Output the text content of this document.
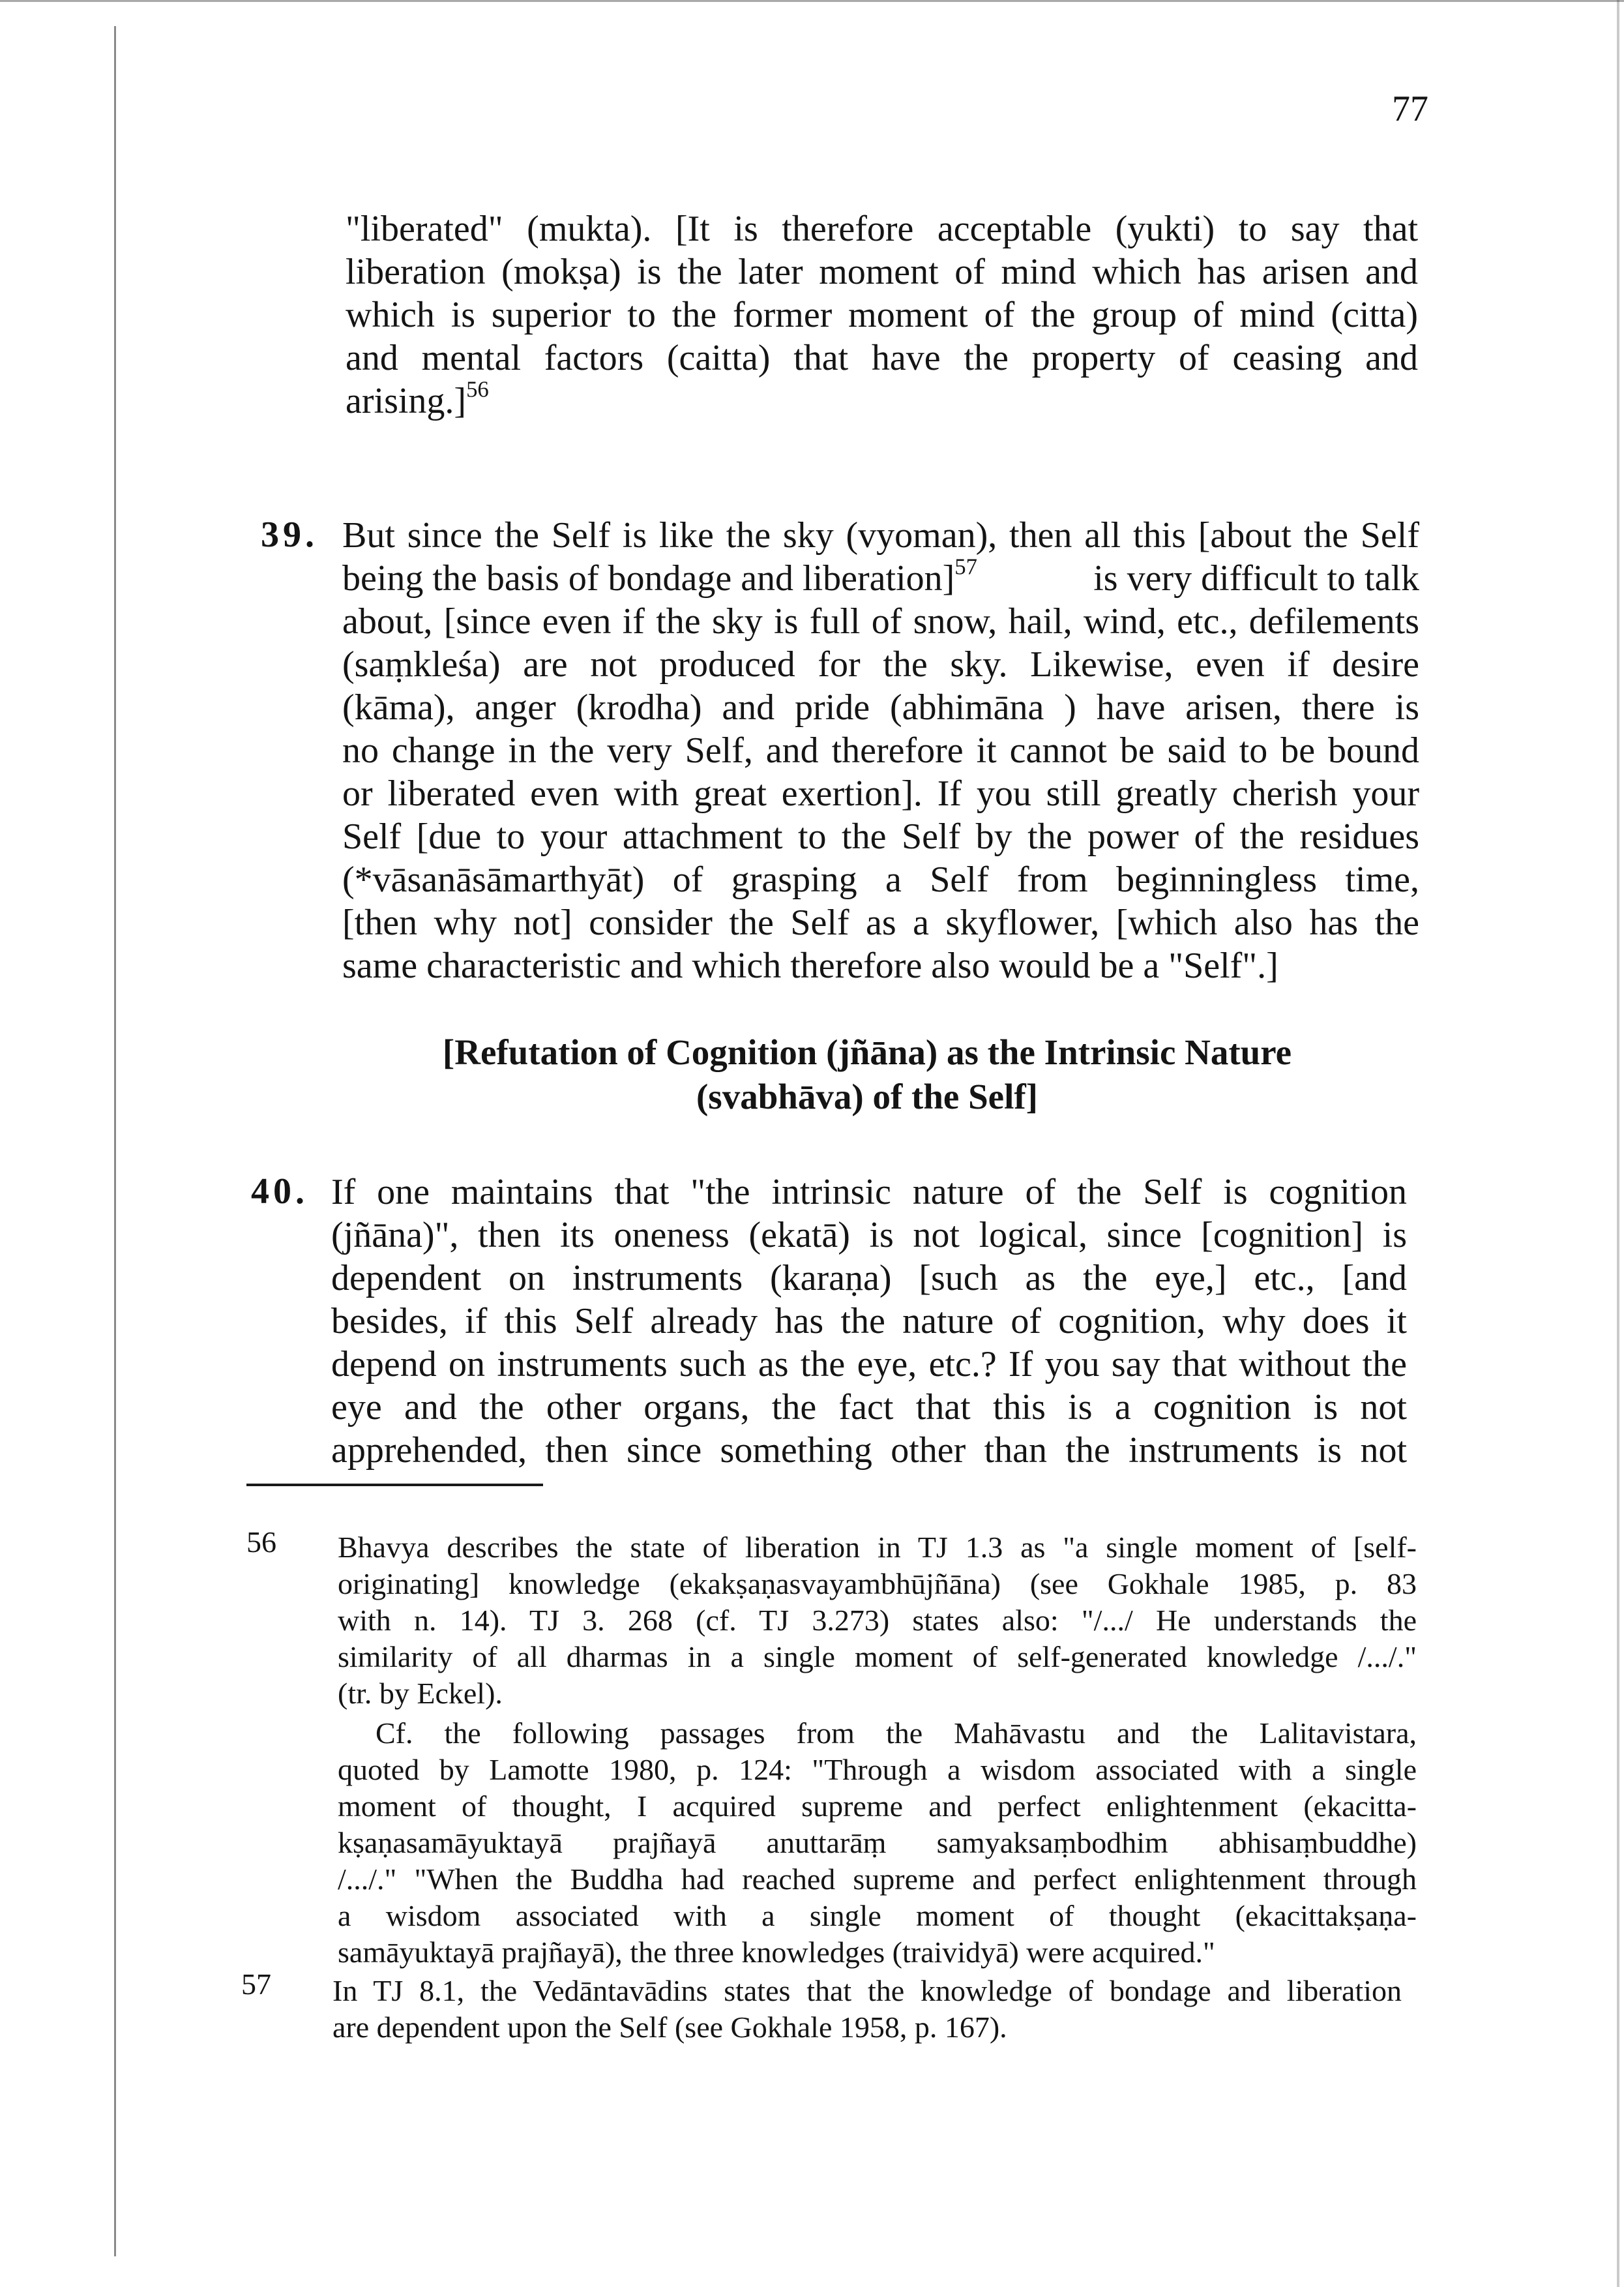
77
"liberated" (mukta). [It is therefore acceptable (yukti) to say that
liberation (mokṣa) is the later moment of mind which has arisen and
which is superior to the former moment of the group of mind (citta)
and mental factors (caitta) that have the property of ceasing and
arising.]$^{56}$
39. But since the Self is like the sky (vyoman), then all this [about the Self
being the basis of bondage and liberation]$^{57}$	is very difficult to talk
about, [since even if the sky is full of snow, hail, wind, etc., defilements
(saṃkleśa) are not produced for the sky. Likewise, even if desire
(kāma), anger (krodha) and pride (abhimāna ) have arisen, there is
no change in the very Self, and therefore it cannot be said to be bound
or liberated even with great exertion]. If you still greatly cherish your
Self [due to your attachment to the Self by the power of the residues
(*vāsanāsāmarthyāt) of grasping a Self from beginningless time,
[then why not] consider the Self as a skyflower, [which also has the
same characteristic and which therefore also would be a "Self".]
[Refutation of Cognition (jñāna) as the Intrinsic Nature
(svabhāva) of the Self]
40. If one maintains that "the intrinsic nature of the Self is cognition
(jñāna)", then its oneness (ekatā) is not logical, since [cognition] is
dependent on instruments (karaṇa) [such as the eye,] etc., [and
besides, if this Self already has the nature of cognition, why does it
depend on instruments such as the eye, etc.? If you say that without the
eye and the other organs, the fact that this is a cognition is not
apprehended, then since something other than the instruments is not
56 Bhavya describes the state of liberation in TJ 1.3 as "a single moment of [self-
originating] knowledge (ekakṣaṇasvayambhūjñāna) (see Gokhale 1985, p. 83
with n. 14). TJ 3. 268 (cf. TJ 3.273) states also: "/.../ He understands the
similarity of all dharmas in a single moment of self-generated knowledge /.../."
(tr. by Eckel).
Cf. the following passages from the Mahāvastu and the Lalitavistara,
quoted by Lamotte 1980, p. 124: "Through a wisdom associated with a single
moment of thought, I acquired supreme and perfect enlightenment (ekacitta-
kṣaṇasamāyuktayā prajñayā anuttarāṃ samyaksaṃbodhim abhisaṃbuddhe)
/.../." "When the Buddha had reached supreme and perfect enlightenment through
a wisdom associated with a single moment of thought (ekacittakṣaṇa-
samāyuktayā prajñayā), the three knowledges (traividyā) were acquired."
57 In TJ 8.1, the Vedāntavādins states that the knowledge of bondage and liberation
are dependent upon the Self (see Gokhale 1958, p. 167).
